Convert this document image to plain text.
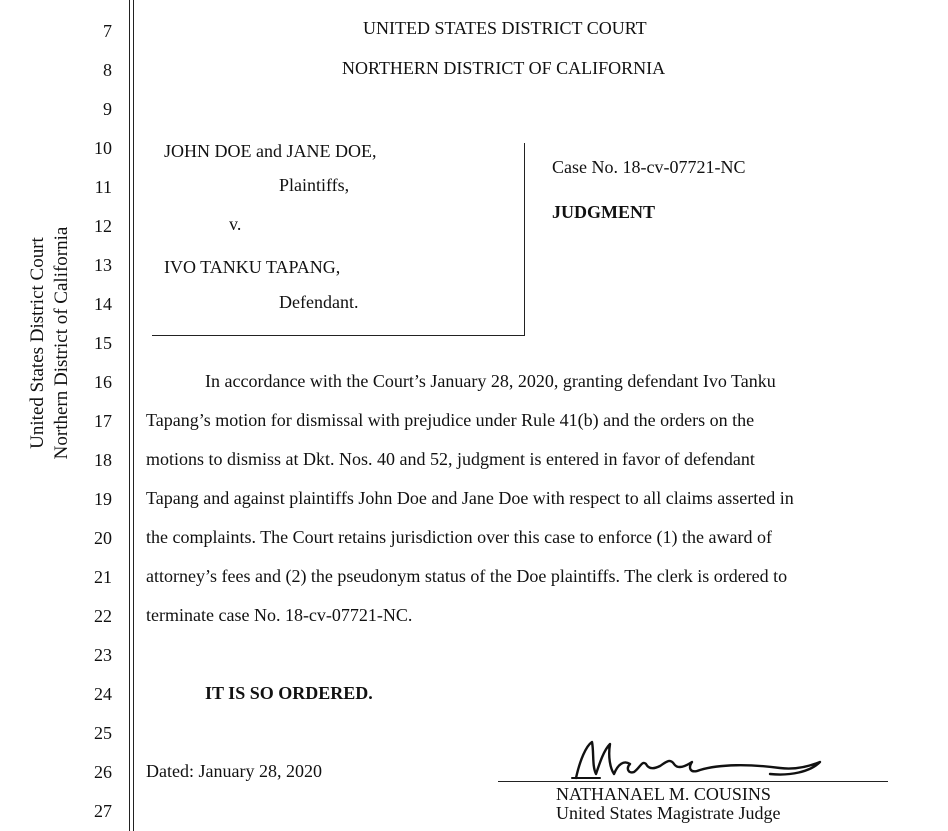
United States District Court Northern District of California
7
8
9
10
11
12
13
14
15
16
17
18
19
20
21
22
23
24
25
26
27
UNITED STATES DISTRICT COURT
NORTHERN DISTRICT OF CALIFORNIA
JOHN DOE and JANE DOE,
Plaintiffs,
v.
IVO TANKU TAPANG,
Defendant.
Case No. 18-cv-07721-NC
JUDGMENT
In accordance with the Court’s January 28, 2020, granting defendant Ivo Tanku
Tapang’s motion for dismissal with prejudice under Rule 41(b) and the orders on the
motions to dismiss at Dkt. Nos. 40 and 52, judgment is entered in favor of defendant
Tapang and against plaintiffs John Doe and Jane Doe with respect to all claims asserted in
the complaints. The Court retains jurisdiction over this case to enforce (1) the award of
attorney’s fees and (2) the pseudonym status of the Doe plaintiffs. The clerk is ordered to
terminate case No. 18-cv-07721-NC.
IT IS SO ORDERED.
Dated: January 28, 2020
NATHANAEL M. COUSINS
United States Magistrate Judge
